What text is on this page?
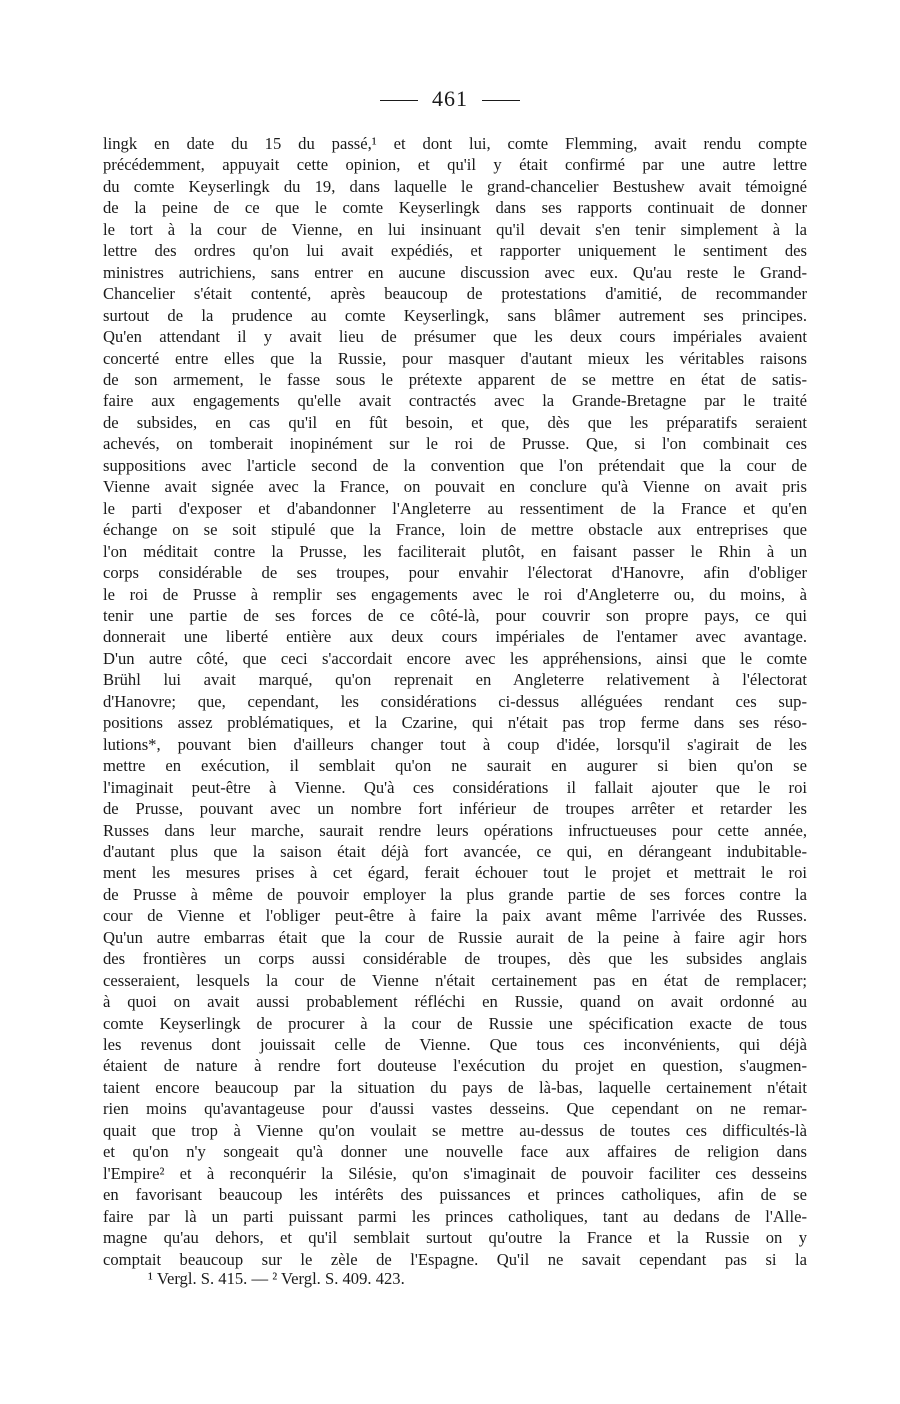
461
lingk en date du 15 du passé,¹ et dont lui, comte Flemming, avait rendu compte
précédemment, appuyait cette opinion, et qu'il y était confirmé par une autre lettre
du comte Keyserlingk du 19, dans laquelle le grand-chancelier Bestushew avait témoigné
de la peine de ce que le comte Keyserlingk dans ses rapports continuait de donner
le tort à la cour de Vienne, en lui insinuant qu'il devait s'en tenir simplement à la
lettre des ordres qu'on lui avait expédiés, et rapporter uniquement le sentiment des
ministres autrichiens, sans entrer en aucune discussion avec eux. Qu'au reste le Grand-
Chancelier s'était contenté, après beaucoup de protestations d'amitié, de recommander
surtout de la prudence au comte Keyserlingk, sans blâmer autrement ses principes.
Qu'en attendant il y avait lieu de présumer que les deux cours impériales avaient
concerté entre elles que la Russie, pour masquer d'autant mieux les véritables raisons
de son armement, le fasse sous le prétexte apparent de se mettre en état de satis-
faire aux engagements qu'elle avait contractés avec la Grande-Bretagne par le traité
de subsides, en cas qu'il en fût besoin, et que, dès que les préparatifs seraient
achevés, on tomberait inopinément sur le roi de Prusse. Que, si l'on combinait ces
suppositions avec l'article second de la convention que l'on prétendait que la cour de
Vienne avait signée avec la France, on pouvait en conclure qu'à Vienne on avait pris
le parti d'exposer et d'abandonner l'Angleterre au ressentiment de la France et qu'en
échange on se soit stipulé que la France, loin de mettre obstacle aux entreprises que
l'on méditait contre la Prusse, les faciliterait plutôt, en faisant passer le Rhin à un
corps considérable de ses troupes, pour envahir l'électorat d'Hanovre, afin d'obliger
le roi de Prusse à remplir ses engagements avec le roi d'Angleterre ou, du moins, à
tenir une partie de ses forces de ce côté-là, pour couvrir son propre pays, ce qui
donnerait une liberté entière aux deux cours impériales de l'entamer avec avantage.
D'un autre côté, que ceci s'accordait encore avec les appréhensions, ainsi que le comte
Brühl lui avait marqué, qu'on reprenait en Angleterre relativement à l'électorat
d'Hanovre; que, cependant, les considérations ci-dessus alléguées rendant ces sup-
positions assez problématiques, et la Czarine, qui n'était pas trop ferme dans ses réso-
lutions*, pouvant bien d'ailleurs changer tout à coup d'idée, lorsqu'il s'agirait de les
mettre en exécution, il semblait qu'on ne saurait en augurer si bien qu'on se
l'imaginait peut-être à Vienne. Qu'à ces considérations il fallait ajouter que le roi
de Prusse, pouvant avec un nombre fort inférieur de troupes arrêter et retarder les
Russes dans leur marche, saurait rendre leurs opérations infructueuses pour cette année,
d'autant plus que la saison était déjà fort avancée, ce qui, en dérangeant indubitable-
ment les mesures prises à cet égard, ferait échouer tout le projet et mettrait le roi
de Prusse à même de pouvoir employer la plus grande partie de ses forces contre la
cour de Vienne et l'obliger peut-être à faire la paix avant même l'arrivée des Russes.
Qu'un autre embarras était que la cour de Russie aurait de la peine à faire agir hors
des frontières un corps aussi considérable de troupes, dès que les subsides anglais
cesseraient, lesquels la cour de Vienne n'était certainement pas en état de remplacer;
à quoi on avait aussi probablement réfléchi en Russie, quand on avait ordonné au
comte Keyserlingk de procurer à la cour de Russie une spécification exacte de tous
les revenus dont jouissait celle de Vienne. Que tous ces inconvénients, qui déjà
étaient de nature à rendre fort douteuse l'exécution du projet en question, s'augmen-
taient encore beaucoup par la situation du pays de là-bas, laquelle certainement n'était
rien moins qu'avantageuse pour d'aussi vastes desseins. Que cependant on ne remar-
quait que trop à Vienne qu'on voulait se mettre au-dessus de toutes ces difficultés-là
et qu'on n'y songeait qu'à donner une nouvelle face aux affaires de religion dans
l'Empire² et à reconquérir la Silésie, qu'on s'imaginait de pouvoir faciliter ces desseins
en favorisant beaucoup les intérêts des puissances et princes catholiques, afin de se
faire par là un parti puissant parmi les princes catholiques, tant au dedans de l'Alle-
magne qu'au dehors, et qu'il semblait surtout qu'outre la France et la Russie on y
comptait beaucoup sur le zèle de l'Espagne. Qu'il ne savait cependant pas si la
¹ Vergl. S. 415. — ² Vergl. S. 409. 423.
